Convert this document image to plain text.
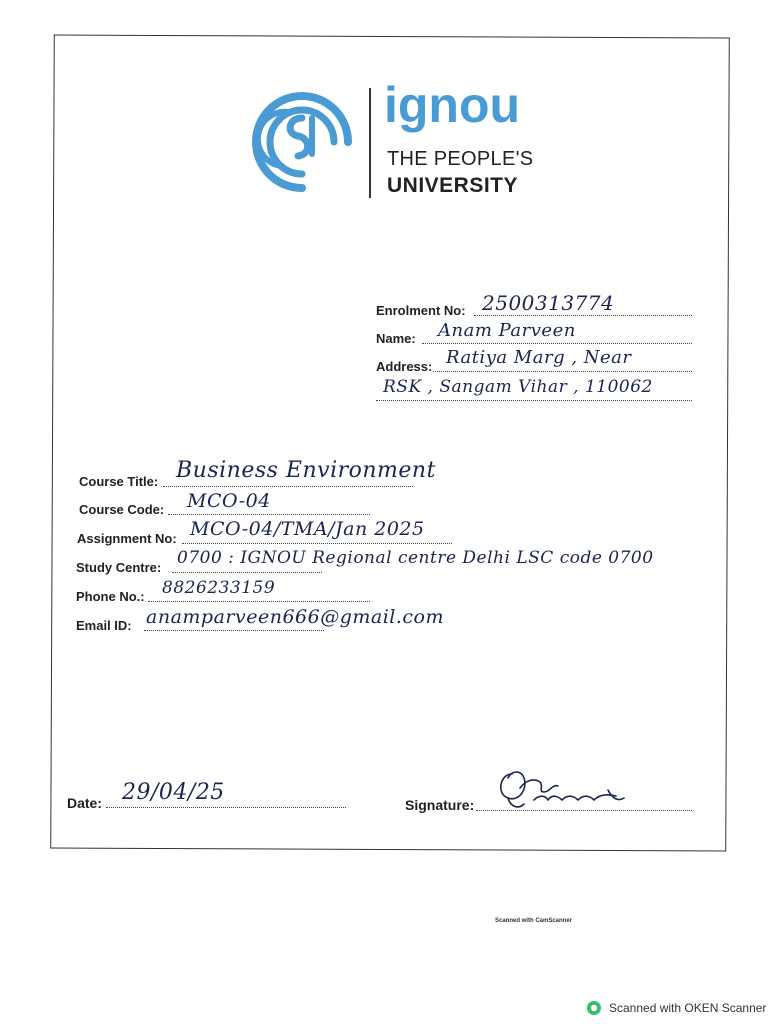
ignou
THE PEOPLE'S
UNIVERSITY
Enrolment No: 2500313774
Name: Anam Parveen
Address: Ratiya Marg , Near
RSK , Sangam Vihar , 110062
Course Title: Business Environment
Course Code: MCO-04
Assignment No: MCO-04/TMA/Jan 2025
Study Centre: 0700 : IGNOU Regional centre Delhi LSC code 0700
Phone No.: 8826233159
Email ID: anamparveen666@gmail.com
Date: 29/04/25	Signature:
Scanned with CamScanner
Scanned with OKEN Scanner
